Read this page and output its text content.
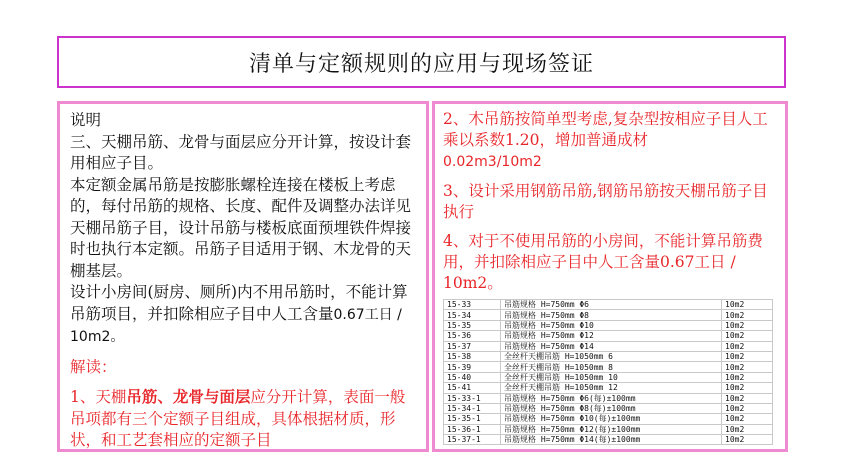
清单与定额规则的应用与现场签证

说明

三、天棚吊筋、龙骨与面层应分开计算，按设计套用相应子目。

本定额金属吊筋是按膨胀螺栓连接在楼板上考虑的，每付吊筋的规格、长度、配件及调整办法详见天棚吊筋子目，设计吊筋与楼板底面预埋铁件焊接时也执行本定额。吊筋子目适用于钢、木龙骨的天棚基层。

设计小房间(厨房、厕所)内不用吊筋时，不能计算吊筋项目，并扣除相应子目中人工含量0.67工日 / 10m2。

解读：

1、天棚吊筋、龙骨与面层应分开计算，表面一般吊项都有三个定额子目组成，具体根据材质，形状，和工艺套相应的定额子目

2、木吊筋按简单型考虑,复杂型按相应子目人工乘以系数1.20，增加普通成材
0.02m3/10m2

3、设计采用钢筋吊筋,钢筋吊筋按天棚吊筋子目执行

4、对于不使用吊筋的小房间，不能计算吊筋费用，并扣除相应子目中人工含量0.67工日 / 10m2。

15-33	吊筋规格 H=750mm Φ6	10m2
15-34	吊筋规格 H=750mm Φ8	10m2
15-35	吊筋规格 H=750mm Φ10	10m2
15-36	吊筋规格 H=750mm Φ12	10m2
15-37	吊筋规格 H=750mm Φ14	10m2
15-38	全丝杆天棚吊筋 H=1050mm 6	10m2
15-39	全丝杆天棚吊筋 H=1050mm 8	10m2
15-40	全丝杆天棚吊筋 H=1050mm 10	10m2
15-41	全丝杆天棚吊筋 H=1050mm 12	10m2
15-33-1	吊筋规格 H=750mm Φ6(每)±100mm	10m2
15-34-1	吊筋规格 H=750mm Φ8(每)±100mm	10m2
15-35-1	吊筋规格 H=750mm Φ10(每)±100mm	10m2
15-36-1	吊筋规格 H=750mm Φ12(每)±100mm	10m2
15-37-1	吊筋规格 H=750mm Φ14(每)±100mm	10m2
